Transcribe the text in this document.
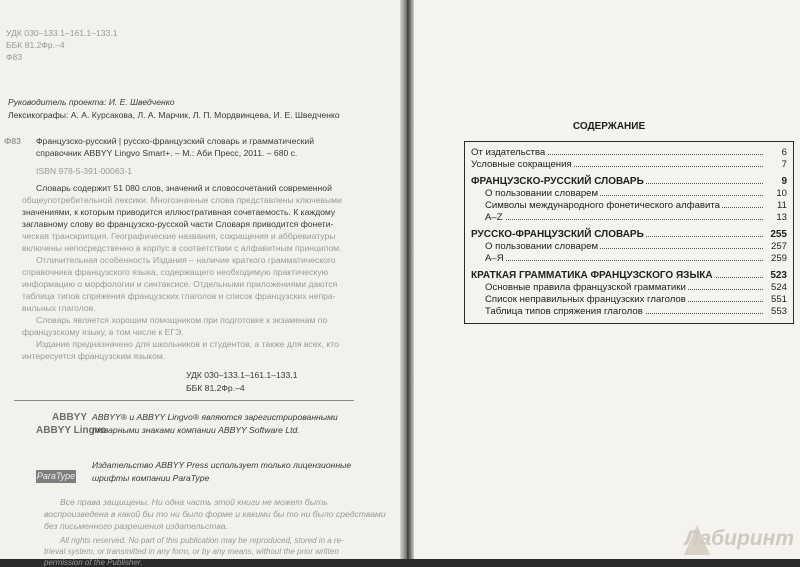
УДК 030–133.1–161.1–133.1
ББК 81.2Фр.–4
Ф83
Руководитель проекта: И. Е. Шведченко
Лексикографы: А. А. Курсакова, Л. А. Марчик, Л. П. Мордвинцева, И. Е. Шведченко
Ф83 Французско-русский | русско-французский словарь и грамматический
справочник ABBYY Lingvo Smart+. – М.: Аби Пресс, 2011. – 680 с.
ISBN 978-5-391-00063-1
Словарь содержит 51 080 слов, значений и словосочетаний современной
общеупотребительной лексики. Многозначные слова представлены ключевыми
значениями, к которым приводится иллюстративная сочетаемость. К каждому
заглавному слову во французско-русской части Словаря приводится фонети-
ческая транскрипция. Географические названия, сокращения и аббревиатуры
включены непосредственно в корпус в соответствии с алфавитным принципом.
Отличительная особенность Издания – наличие краткого грамматического
справочника французского языка, содержащего необходимую практическую
информацию о морфологии и синтаксисе. Отдельными приложениями даются
таблица типов спряжения французских глаголов и список французских непра-
вильных глаголов.
Словарь является хорошим помощником при подготовке к экзаменам по
французскому языку, в том числе к ЕГЭ.
Издание предназначено для школьников и студентов, а также для всех, кто
интересуется французским языком.
УДК 030–133.1–161.1–133.1
ББК 81.2Фр.–4
ABBYY
ABBYY Lingvo
ABBYY® и ABBYY Lingvo® являются зарегистрированными
товарными знаками компании ABBYY Software Ltd.
ParaType
Издательство ABBYY Press использует только лицензионные
шрифты компании ParaType
Все права защищены. Ни одна часть этой книги не может быть
воспроизведена в какой бы то ни было форме и какими бы то ни было средствами
без письменного разрешения издательства.
All rights reserved. No part of this publication may be reproduced, stored in a re-
trieval system, or transmitted in any form, or by any means, without the prior written
permission of the Publisher.
СОДЕРЖАНИЕ
От издательства	6
Условные сокращения	7
ФРАНЦУЗСКО-РУССКИЙ СЛОВАРЬ	9
О пользовании словарем	10
Символы международного фонетического алфавита	11
A–Z	13
РУССКО-ФРАНЦУЗСКИЙ СЛОВАРЬ	255
О пользовании словарем	257
А–Я	259
КРАТКАЯ ГРАММАТИКА ФРАНЦУЗСКОГО ЯЗЫКА	523
Основные правила французской грамматики	524
Список неправильных французских глаголов	551
Таблица типов спряжения глаголов	553
Лабиринт
